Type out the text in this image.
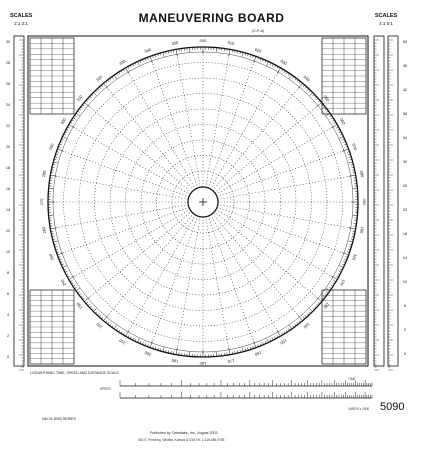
000	010
020
030
040
050
060
070
080
090
100
110
120
130
140
150
160
170
180
190
200
210
220
230
240
250
260
270
280
290
300
310
320
330
340
350
30
28
26
24
22
20
18
16
14
12
10
8
6
4
2
0
50
46
42
38
34
30
26
22
18
14
10
6
2
0
MANEUVERING BOARD
SCALES
2:1 3:1
SCALES
4:1 5:1
(C-P-A)
5090
LOGARITHMIC TIME, SPEED AND DISTANCE SCALE
NM 01-5090 SERIES
Published by Celestaire, Inc., August 2003
416 S. Pershing, Wichita, Kansas 67218 Tel: 1-316-686-9785
YARDS x 1000
TIME
SPEED
